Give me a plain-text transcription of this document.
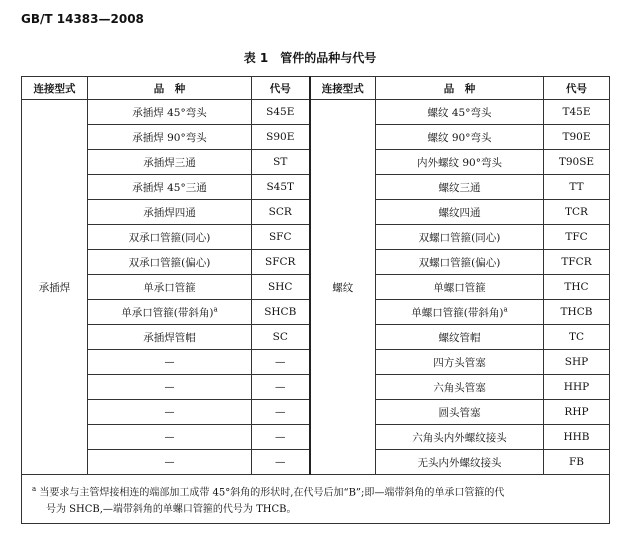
GB/T 14383—2008
表 1　管件的品种与代号
连接型式	品　种	代号	连接型式	品　种	代号
承插焊	承插焊 45°弯头	S45E	螺纹	螺纹 45°弯头	T45E
	承插焊 90°弯头	S90E		螺纹 90°弯头	T90E
	承插焊三通	ST		内外螺纹 90°弯头	T90SE
	承插焊 45°三通	S45T		螺纹三通	TT
	承插焊四通	SCR		螺纹四通	TCR
	双承口管箍(同心)	SFC		双螺口管箍(同心)	TFC
	双承口管箍(偏心)	SFCR		双螺口管箍(偏心)	TFCR
	单承口管箍	SHC		单螺口管箍	THC
	单承口管箍(带斜角)$^a$	SHCB		单螺口管箍(带斜角)$^a$	THCB
	承插焊管帽	SC		螺纹管帽	TC
	—	—		四方头管塞	SHP
	—	—		六角头管塞	HHP
	—	—		圆头管塞	RHP
	—	—		六角头内外螺纹接头	HHB
	—	—		无头内外螺纹接头	FB

$^a$ 当要求与主管焊接相连的端部加工成带 45°斜角的形状时,在代号后加“B”;即—端带斜角的单承口管箍的代
号为 SHCB,—端带斜角的单螺口管箍的代号为 THCB。					
